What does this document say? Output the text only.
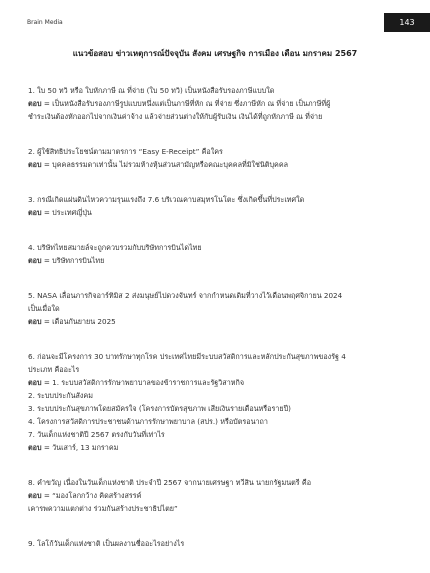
Brain Media	143
แนวข้อสอบ ข่าวเหตุการณ์ปัจจุบัน สังคม เศรษฐกิจ การเมือง เดือน มกราคม 2567

1. ใบ 50 ทวิ หรือ ใบหักภาษี ณ ที่จ่าย (ใบ 50 ทวิ) เป็นหนังสือรับรองภาษีแบบใด

ตอบ = เป็นหนังสือรับรองภาษีรูปแบบหนึ่งแต่เป็นภาษีที่หัก ณ ที่จ่าย ซึ่งภาษีหัก ณ ที่จ่าย เป็นภาษีที่ผู้

ชำระเงินต้องหักออกไปจากเงินค่าจ้าง แล้วจ่ายส่วนต่างให้กับผู้รับเงิน เงินได้ที่ถูกหักภาษี ณ ที่จ่าย

2. ผู้ใช้สิทธิประโยชน์ตามมาตรการ “Easy E-Receipt” คือใคร

ตอบ = บุคคลธรรมดาเท่านั้น ไม่รวมห้างหุ้นส่วนสามัญหรือคณะบุคคลที่มิใช่นิติบุคคล

3. กรณีเกิดแผ่นดินไหวความรุนแรงถึง 7.6 บริเวณคาบสมุทรโนโตะ ซึ่งเกิดขึ้นที่ประเทศใด

ตอบ = ประเทศญี่ปุ่น

4. บริษัทไทยสมายล์จะถูกควบรวมกับบริษัทการบินไดไทย

ตอบ = บริษัทการบินไทย

5. NASA เลื่อนภารกิจอาร์ทิมิส 2 ส่งมนุษย์ไปดวงจันทร์ จากกำหนดเดิมที่วางไว้เดือนพฤศจิกายน 2024

เป็นเมื่อใด

ตอบ = เดือนกันยายน 2025

6. ก่อนจะมีโครงการ 30 บาทรักษาทุกโรค ประเทศไทยมีระบบสวัสดิการและหลักประกันสุขภาพของรัฐ 4

ประเภท คืออะไร

ตอบ = 1. ระบบสวัสดิการรักษาพยาบาลของข้าราชการและรัฐวิสาหกิจ

2. ระบบประกันสังคม

3. ระบบประกันสุขภาพโดยสมัครใจ (โครงการบัตรสุขภาพ เสียเงินรายเดือนหรือรายปี)

4. โครงการสวัสดิการประชาชนด้านการรักษาพยาบาล (สปร.) หรือบัตรอนาถา

7. วันเด็กแห่งชาติปี 2567 ตรงกับวันที่เท่าไร

ตอบ = วันเสาร์, 13 มกราคม

8. คำขวัญ เนื่องในวันเด็กแห่งชาติ ประจำปี 2567 จากนายเศรษฐา ทวีสิน นายกรัฐมนตรี คือ

ตอบ = “มองโลกกว้าง คิดสร้างสรรค์

เคารพความแตกต่าง ร่วมกันสร้างประชาธิปไตย”

9. โลโก้วันเด็กแห่งชาติ เป็นผลงานชื่ออะไรอย่างไร
